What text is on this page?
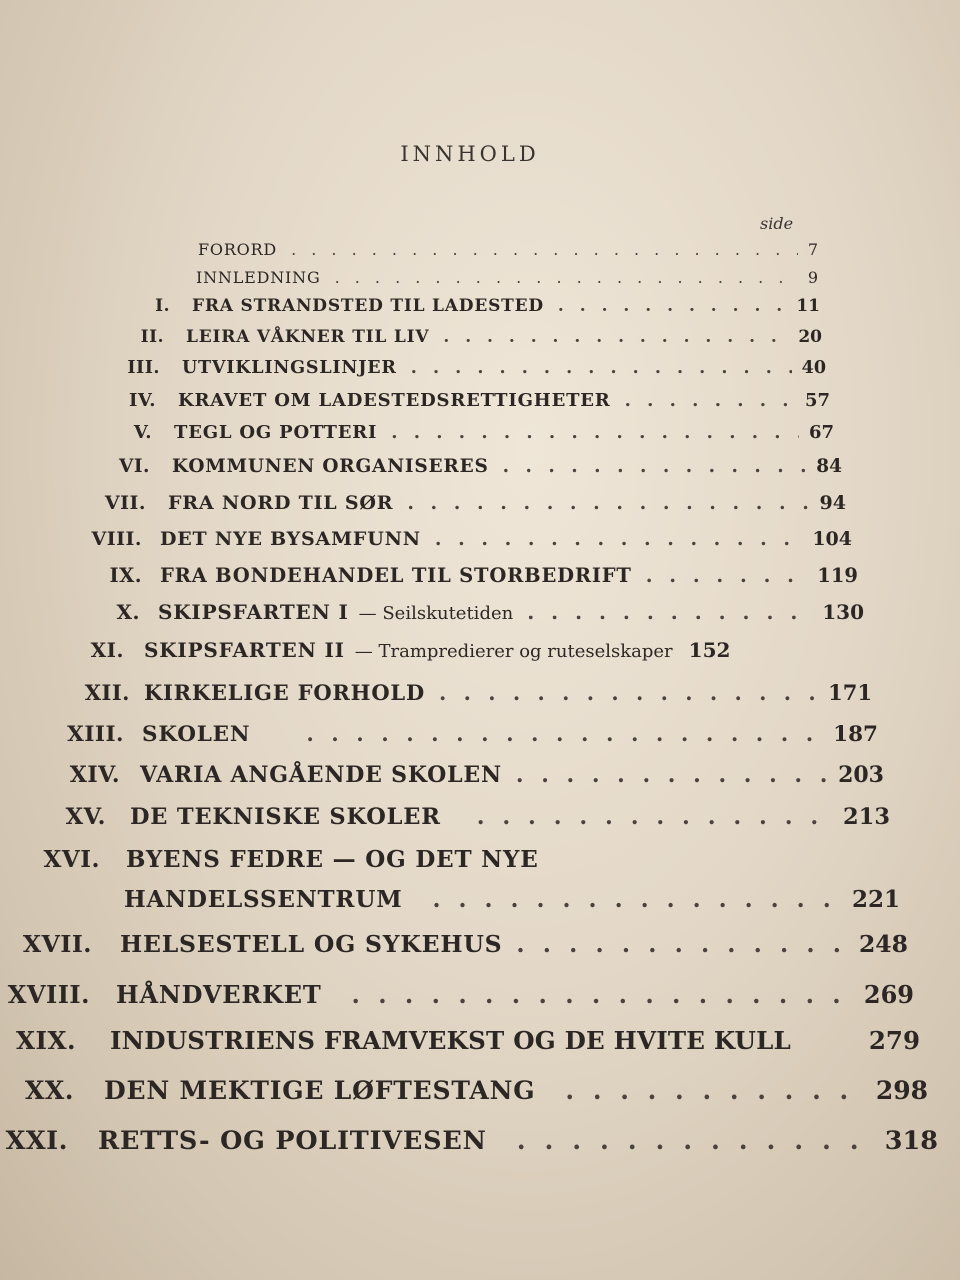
INNHOLD
side
FORORD . . .	7
INNLEDNING . . .	9
I. FRA STRANDSTED TIL LADESTED . . .	11
II. LEIRA VÅKNER TIL LIV . . .	20
III. UTVIKLINGSLINJER . . .	40
IV. KRAVET OM LADESTEDSRETTIGHETER . . .	57
V. TEGL OG POTTERI . . .	67
VI. KOMMUNEN ORGANISERES . . .	84
VII. FRA NORD TIL SØR . . .	94
VIII. DET NYE BYSAMFUNN . . .	104
IX. FRA BONDEHANDEL TIL STORBEDRIFT . . .	119
X. SKIPSFARTEN I — Seilskutetiden . . .	130
XI. SKIPSFARTEN II — Trampredierer og ruteselskaper 152
XII. KIRKELIGE FORHOLD . . .	171
XIII. SKOLEN . . .	187
XIV. VARIA ANGÅENDE SKOLEN . . .	203
XV. DE TEKNISKE SKOLER . . .	213
XVI. BYENS FEDRE — OG DET NYE
HANDELSSENTRUM . . .	221
XVII. HELSESTELL OG SYKEHUS . . .	248
XVIII. HÅNDVERKET . . .	269
XIX. INDUSTRIENS FRAMVEKST OG DE HVITE KULL	279
XX. DEN MEKTIGE LØFTESTANG . . .	298
XXI. RETTS- OG POLITIVESEN . . .	318
